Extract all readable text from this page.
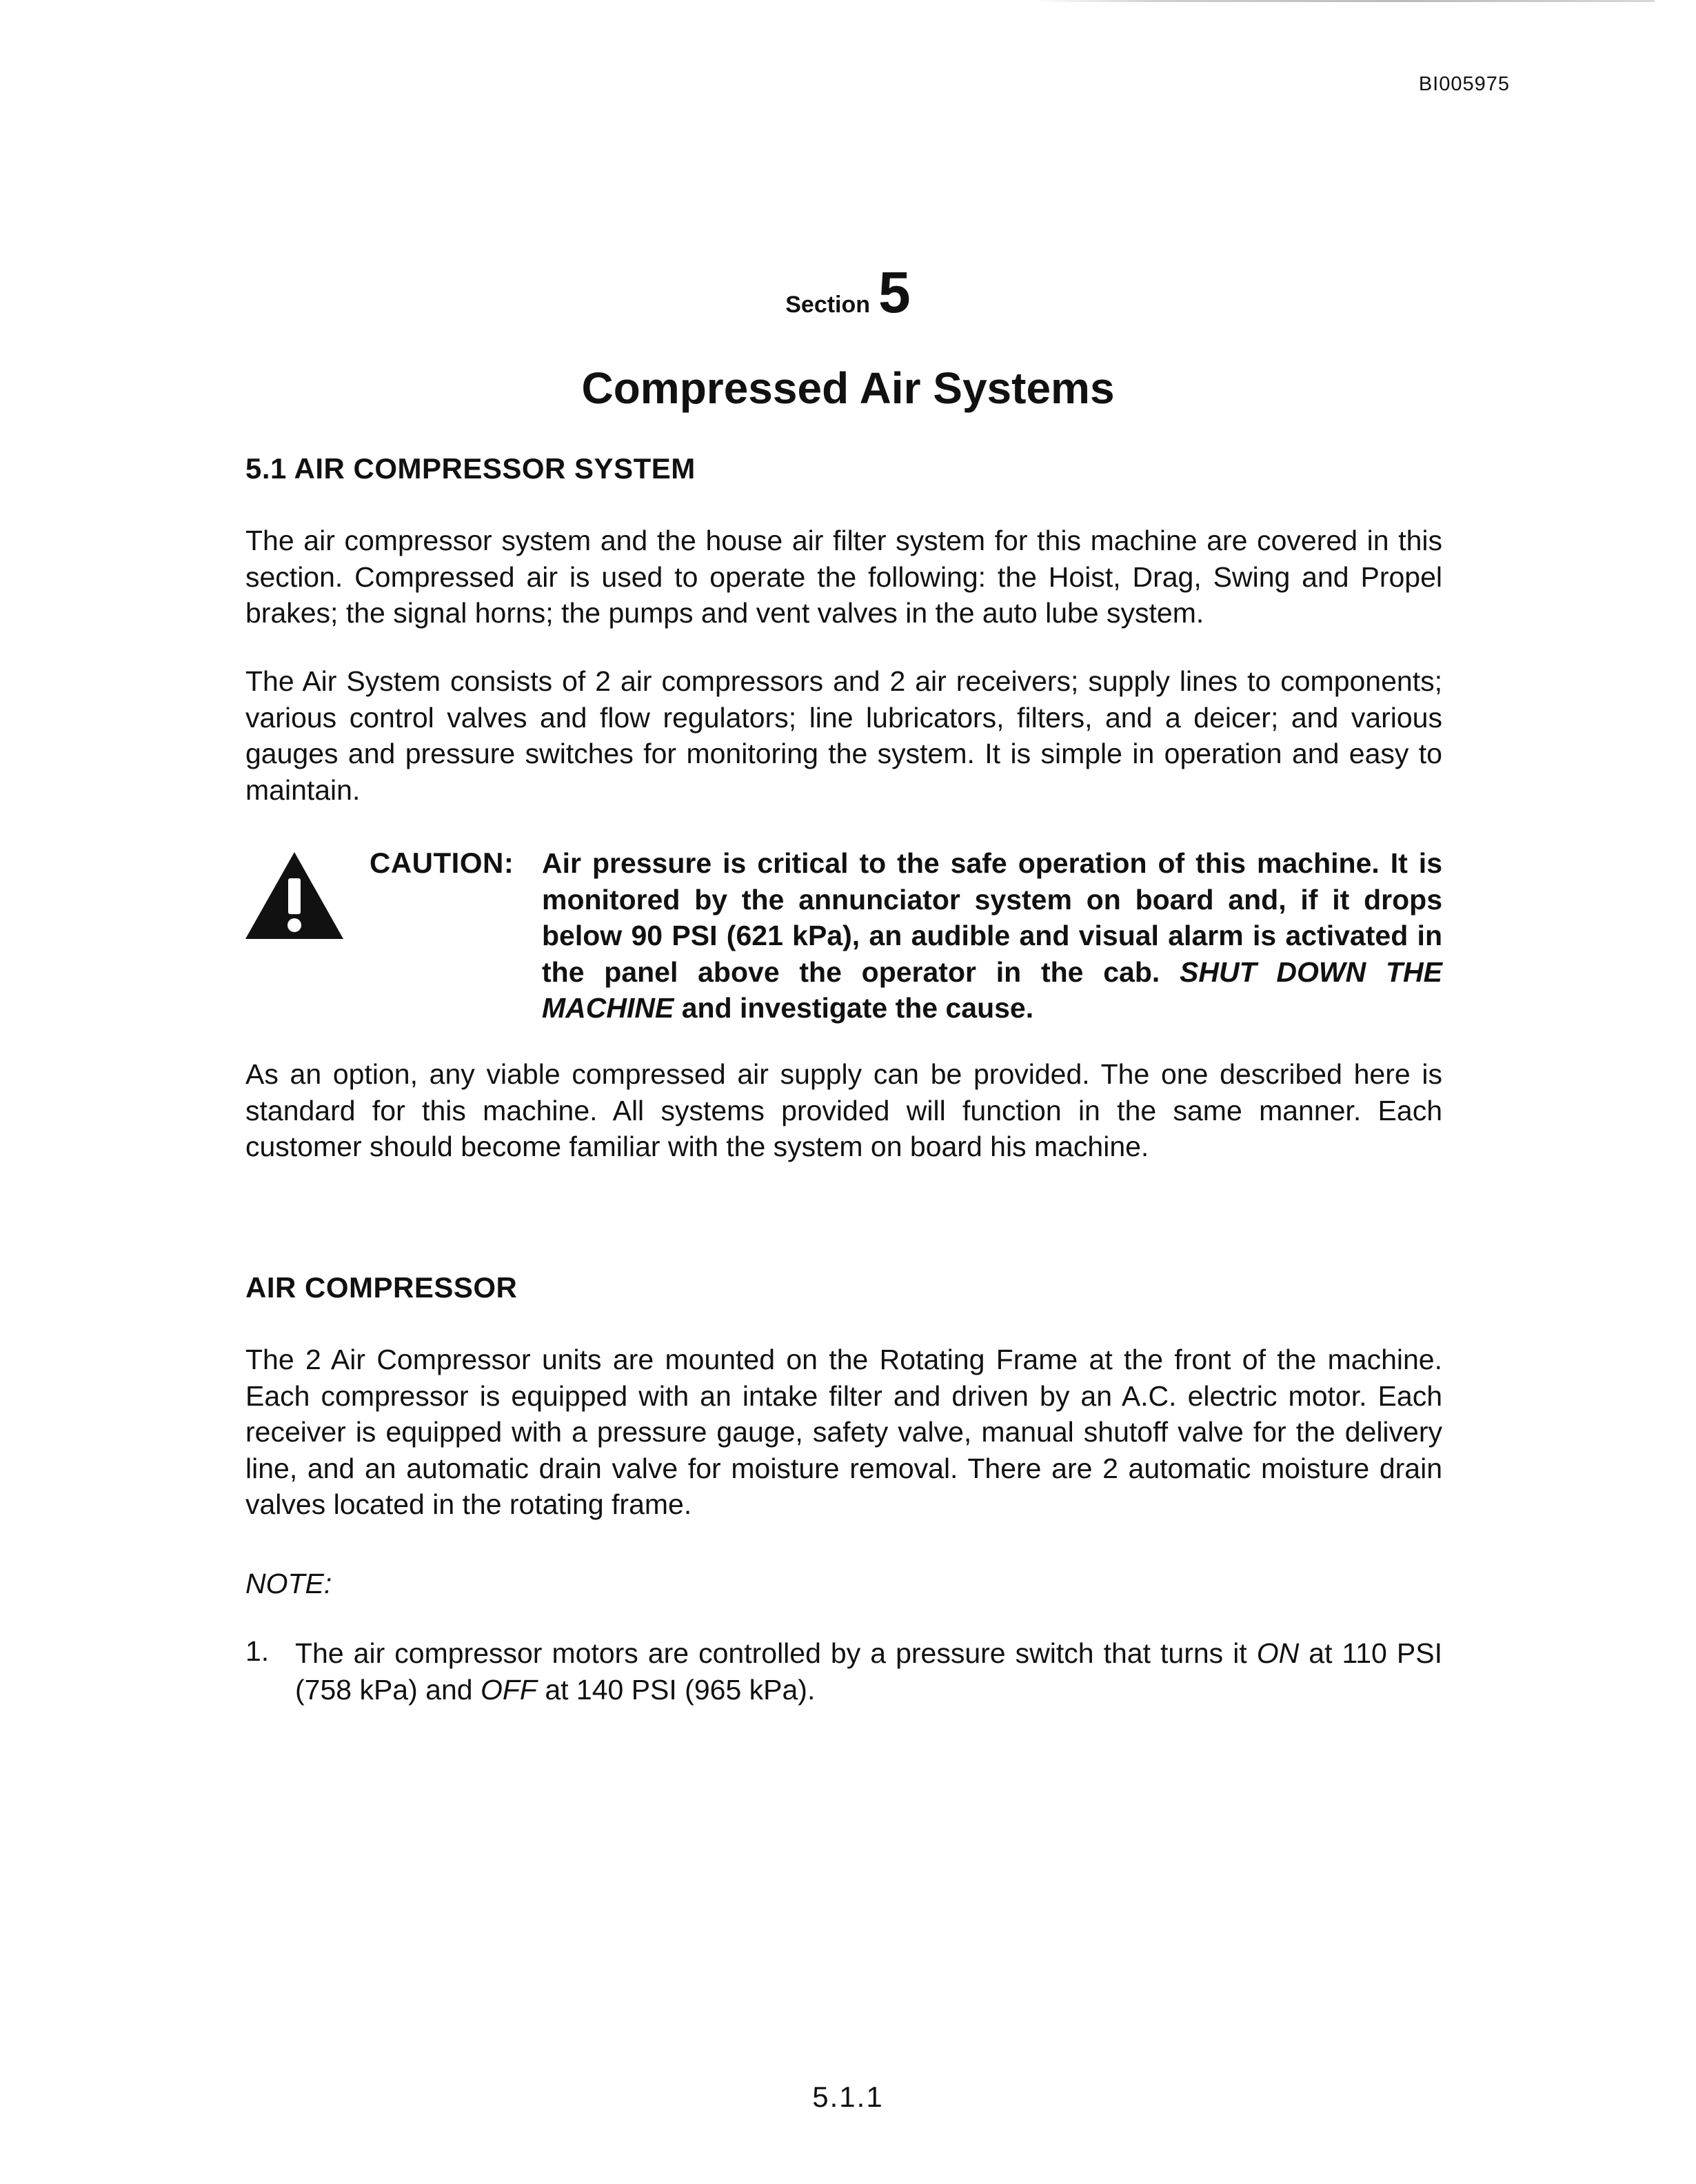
BI005975
Section 5
Compressed Air Systems
5.1 AIR COMPRESSOR SYSTEM

The air compressor system and the house air filter system for this machine are covered in this section. Compressed air is used to operate the following: the Hoist, Drag, Swing and Propel brakes; the signal horns; the pumps and vent valves in the auto lube system.

The Air System consists of 2 air compressors and 2 air receivers; supply lines to components; various control valves and flow regulators; line lubricators, filters, and a deicer; and various gauges and pressure switches for monitoring the system. It is simple in operation and easy to maintain.

CAUTION: Air pressure is critical to the safe operation of this machine. It is monitored by the annunciator system on board and, if it drops below 90 PSI (621 kPa), an audible and visual alarm is activated in the panel above the operator in the cab. SHUT DOWN THE MACHINE and investigate the cause.

As an option, any viable compressed air supply can be provided. The one described here is standard for this machine. All systems provided will function in the same manner. Each customer should become familiar with the system on board his machine.

AIR COMPRESSOR

The 2 Air Compressor units are mounted on the Rotating Frame at the front of the machine. Each compressor is equipped with an intake filter and driven by an A.C. electric motor. Each receiver is equipped with a pressure gauge, safety valve, manual shutoff valve for the delivery line, and an automatic drain valve for moisture removal. There are 2 automatic moisture drain valves located in the rotating frame.

NOTE:

1. The air compressor motors are controlled by a pressure switch that turns it ON at 110 PSI (758 kPa) and OFF at 140 PSI (965 kPa).

5.1.1
